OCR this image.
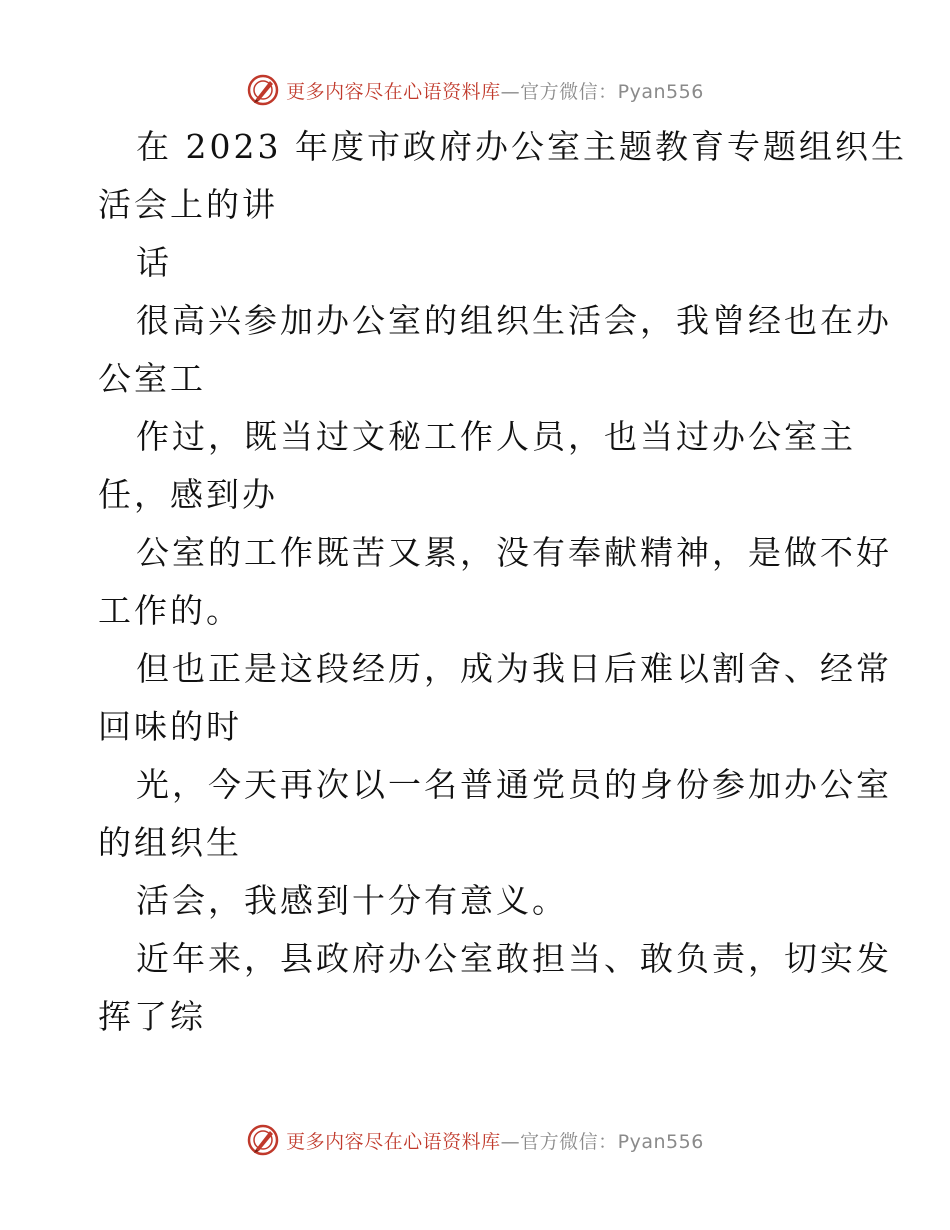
更多内容尽在心语资料库—官方微信：Pyan556
在 2023 年度市政府办公室主题教育专题组织生
活会上的讲
话
很高兴参加办公室的组织生活会，我曾经也在办
公室工
作过，既当过文秘工作人员，也当过办公室主
任，感到办
公室的工作既苦又累，没有奉献精神，是做不好
工作的。
但也正是这段经历，成为我日后难以割舍、经常
回味的时
光，今天再次以一名普通党员的身份参加办公室
的组织生
活会，我感到十分有意义。
近年来，县政府办公室敢担当、敢负责，切实发
挥了综
更多内容尽在心语资料库—官方微信：Pyan556
